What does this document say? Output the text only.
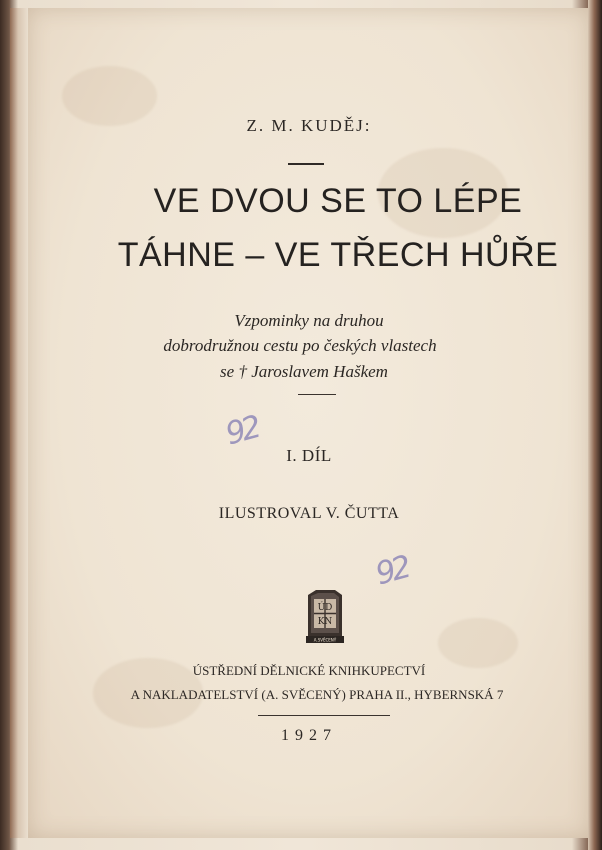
Z. M. KUDĚJ:
VE DVOU SE TO LÉPE
TÁHNE – VE TŘECH HŮŘE
Vzpominky na druhou
dobrodružnou cestu po českých vlastech
se † Jaroslavem Haškem
92
I. DÍL
ILUSTROVAL V. ČUTTA
92
ÚD
KN
A.SVĚCENÝ
ÚSTŘEDNÍ DĚLNICKÉ KNIHKUPECTVÍ
A NAKLADATELSTVÍ (A. SVĚCENÝ) PRAHA II., HYBERNSKÁ 7
1927
